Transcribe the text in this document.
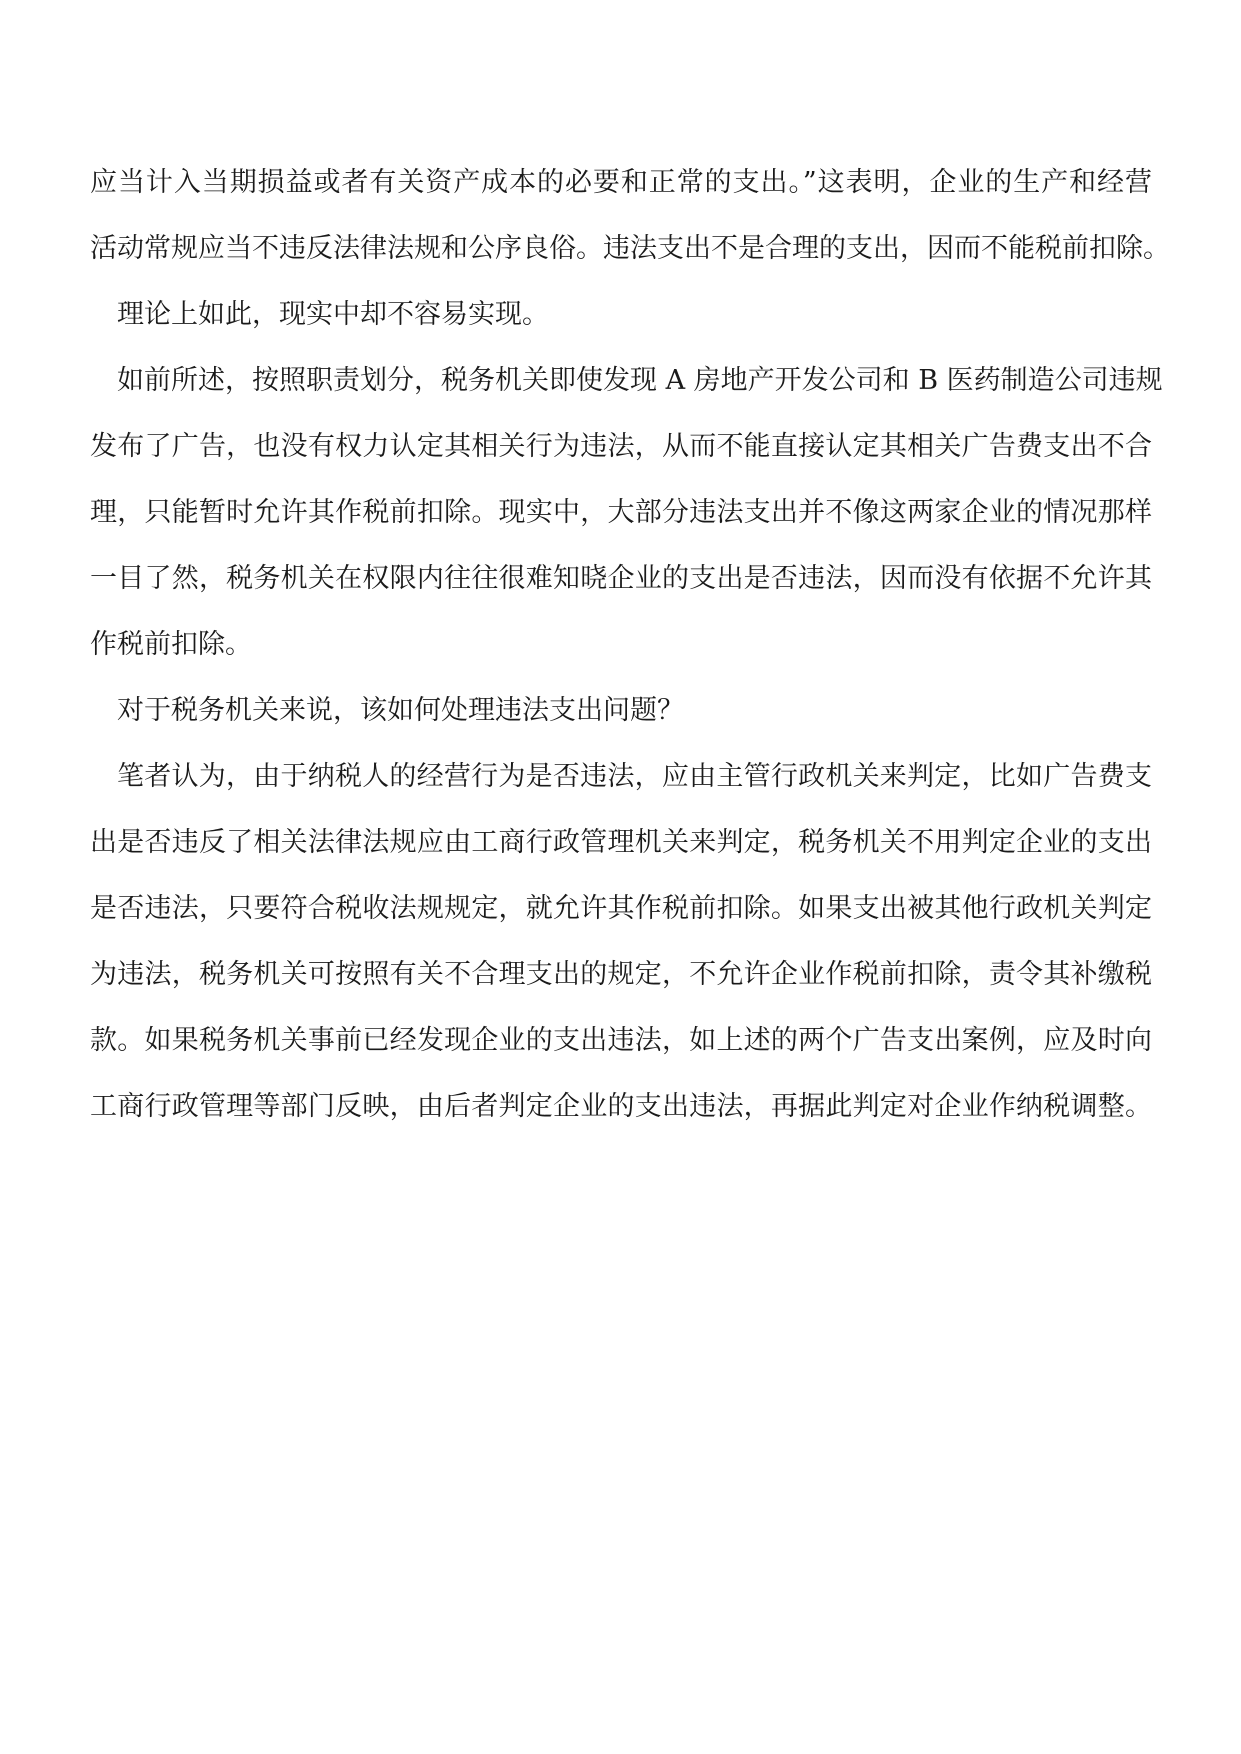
应当计入当期损益或者有关资产成本的必要和正常的支出。”这表明，企业的生产和经营
活动常规应当不违反法律法规和公序良俗。违法支出不是合理的支出，因而不能税前扣除。
理论上如此，现实中却不容易实现。
如前所述，按照职责划分，税务机关即使发现 A 房地产开发公司和 B 医药制造公司违规
发布了广告，也没有权力认定其相关行为违法，从而不能直接认定其相关广告费支出不合
理，只能暂时允许其作税前扣除。现实中，大部分违法支出并不像这两家企业的情况那样
一目了然，税务机关在权限内往往很难知晓企业的支出是否违法，因而没有依据不允许其
作税前扣除。
对于税务机关来说，该如何处理违法支出问题？
笔者认为，由于纳税人的经营行为是否违法，应由主管行政机关来判定，比如广告费支
出是否违反了相关法律法规应由工商行政管理机关来判定，税务机关不用判定企业的支出
是否违法，只要符合税收法规规定，就允许其作税前扣除。如果支出被其他行政机关判定
为违法，税务机关可按照有关不合理支出的规定，不允许企业作税前扣除，责令其补缴税
款。如果税务机关事前已经发现企业的支出违法，如上述的两个广告支出案例，应及时向
工商行政管理等部门反映，由后者判定企业的支出违法，再据此判定对企业作纳税调整。
